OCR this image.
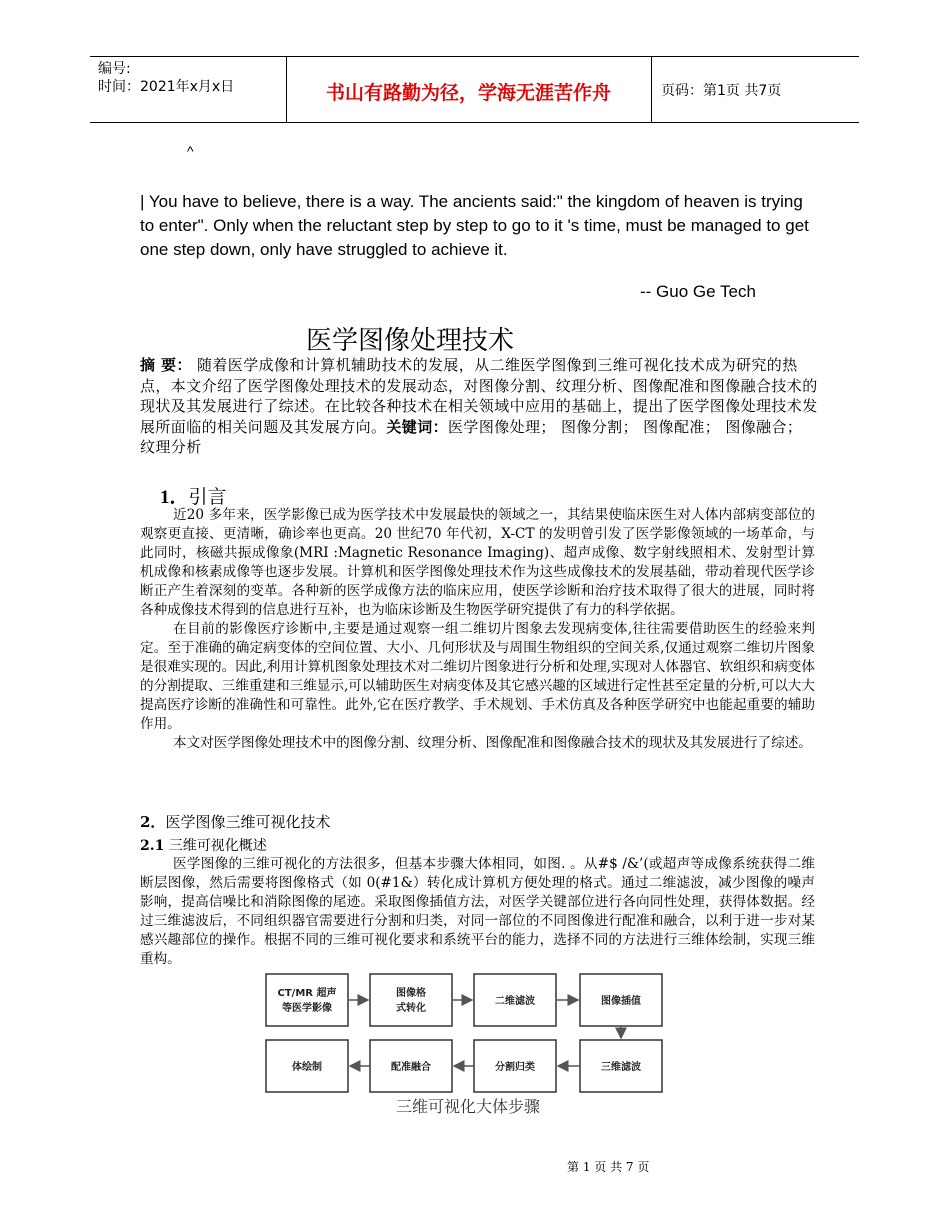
编号:
时间：2021年x月x日	书山有路勤为径，学海无涯苦作舟	页码：第1页 共7页
^
| You have to believe, there is a way. The ancients said:" the kingdom of heaven is trying to enter". Only when the reluctant step by step to go to it 's time, must be managed to get one step down, only have struggled to achieve it.
-- Guo Ge Tech
医学图像处理技术
摘 要： 随着医学成像和计算机辅助技术的发展，从二维医学图像到三维可视化技术成为研究的热点，本文介绍了医学图像处理技术的发展动态，对图像分割、纹理分析、图像配准和图像融合技术的现状及其发展进行了综述。在比较各种技术在相关领域中应用的基础上，提出了医学图像处理技术发展所面临的相关问题及其发展方向。关键词：医学图像处理； 图像分割； 图像配准； 图像融合； 纹理分析
1．引言

近20 多年来，医学影像已成为医学技术中发展最快的领域之一，其结果使临床医生对人体内部病变部位的观察更直接、更清晰，确诊率也更高。20 世纪70 年代初，X-CT 的发明曾引发了医学影像领域的一场革命，与此同时，核磁共振成像象(MRI :Magnetic Resonance Imaging)、超声成像、数字射线照相术、发射型计算机成像和核素成像等也逐步发展。计算机和医学图像处理技术作为这些成像技术的发展基础，带动着现代医学诊断正产生着深刻的变革。各种新的医学成像方法的临床应用，使医学诊断和治疗技术取得了很大的进展，同时将各种成像技术得到的信息进行互补，也为临床诊断及生物医学研究提供了有力的科学依据。

在目前的影像医疗诊断中,主要是通过观察一组二维切片图象去发现病变体,往往需要借助医生的经验来判定。至于准确的确定病变体的空间位置、大小、几何形状及与周围生物组织的空间关系,仅通过观察二维切片图象是很难实现的。因此,利用计算机图象处理技术对二维切片图象进行分析和处理,实现对人体器官、软组织和病变体的分割提取、三维重建和三维显示,可以辅助医生对病变体及其它感兴趣的区域进行定性甚至定量的分析,可以大大提高医疗诊断的准确性和可靠性。此外,它在医疗教学、手术规划、手术仿真及各种医学研究中也能起重要的辅助作用。

本文对医学图像处理技术中的图像分割、纹理分析、图像配准和图像融合技术的现状及其发展进行了综述。

2．医学图像三维可视化技术
2.1 三维可视化概述

医学图像的三维可视化的方法很多，但基本步骤大体相同，如图. 。从#$ /&’(或超声等成像系统获得二维断层图像，然后需要将图像格式（如 0(#1&）转化成计算机方便处理的格式。通过二维滤波，减少图像的噪声影响，提高信噪比和消除图像的尾迹。采取图像插值方法，对医学关键部位进行各向同性处理，获得体数据。经过三维滤波后，不同组织器官需要进行分割和归类，对同一部位的不同图像进行配准和融合，以利于进一步对某感兴趣部位的操作。根据不同的三维可视化要求和系统平台的能力，选择不同的方法进行三维体绘制，实现三维重构。

CT/MR 超声
等医学影像
图像格
式转化
二维滤波	图像插值
三维滤波
分割归类
配准融合
体绘制
三维可视化大体步骤
第 1 页 共 7 页
